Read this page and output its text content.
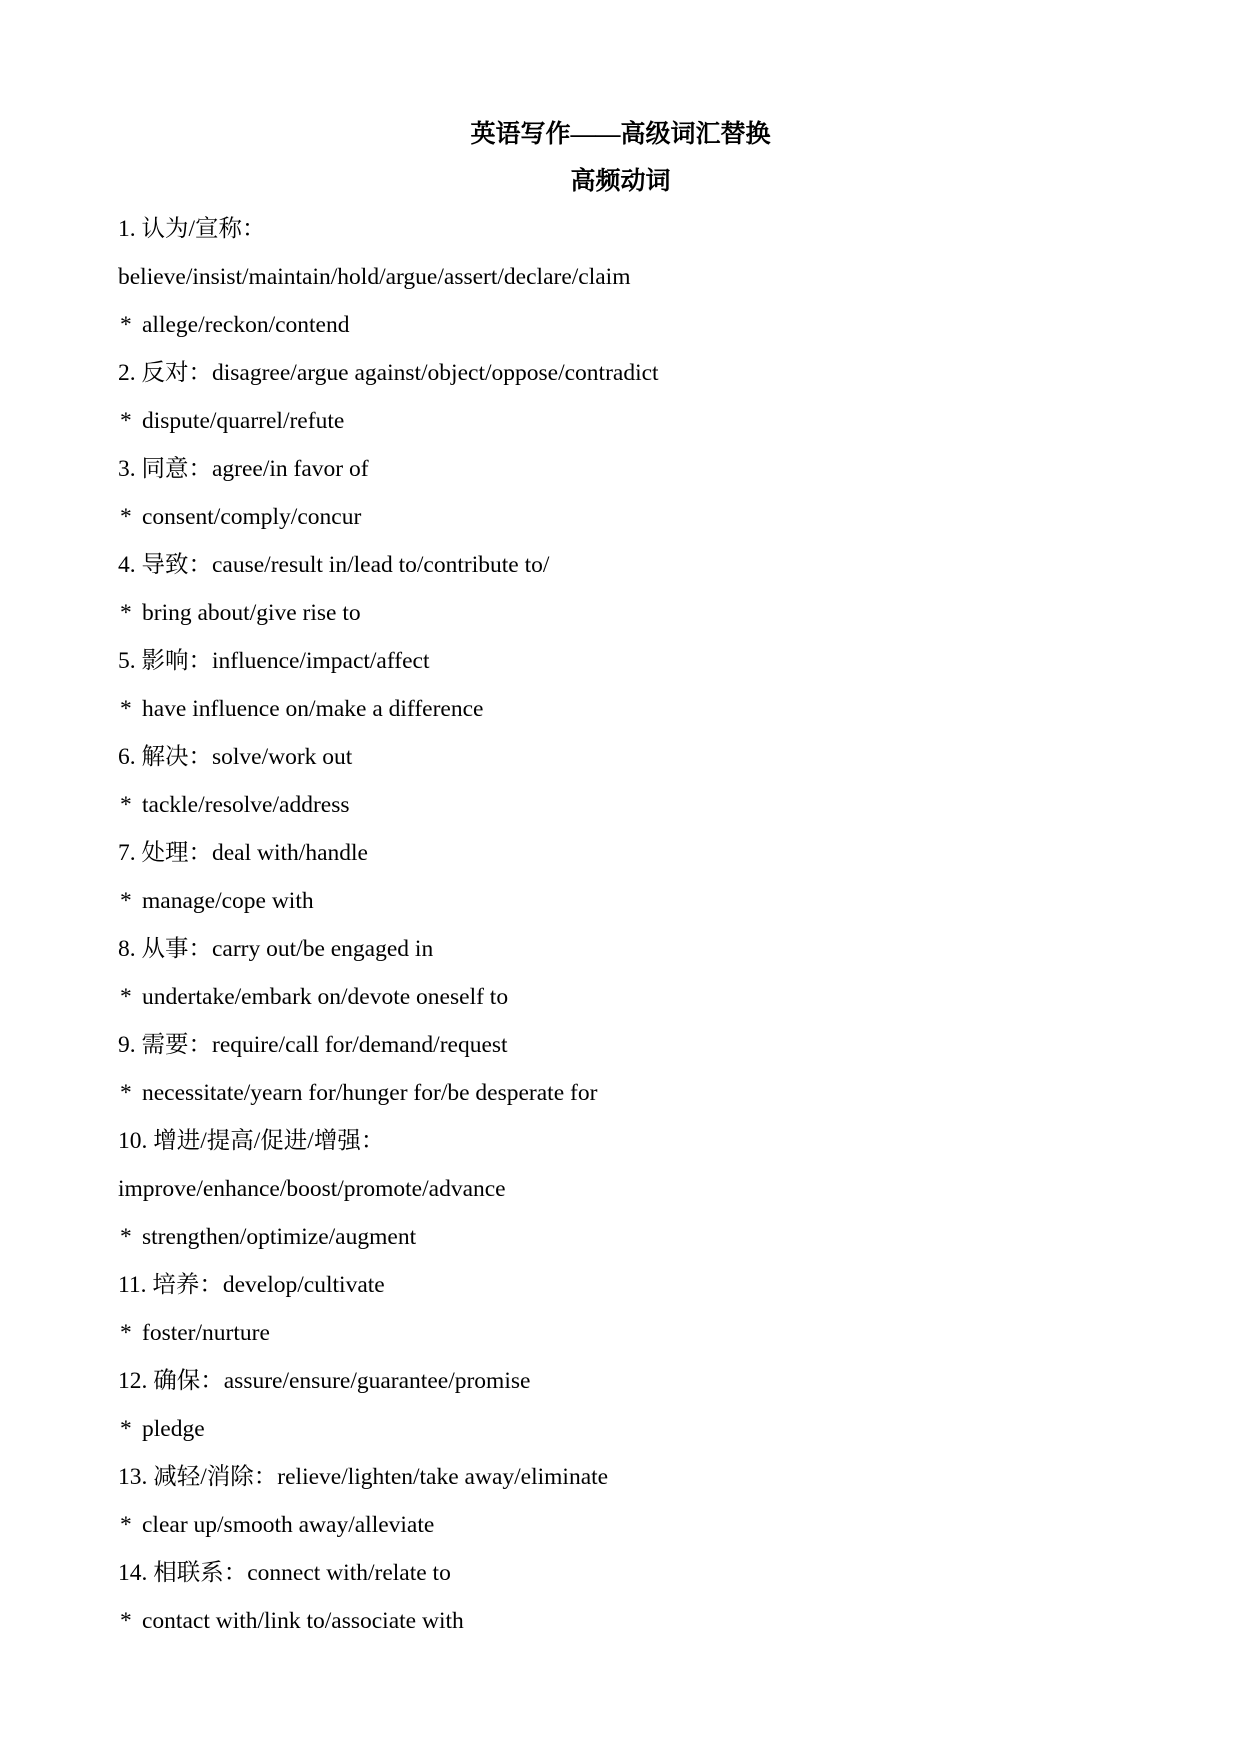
英语写作——高级词汇替换
高频动词
1. 认为/宣称：
believe/insist/maintain/hold/argue/assert/declare/claim
* allege/reckon/contend
2. 反对：disagree/argue against/object/oppose/contradict
* dispute/quarrel/refute
3. 同意：agree/in favor of
* consent/comply/concur
4. 导致：cause/result in/lead to/contribute to/
* bring about/give rise to
5. 影响：influence/impact/affect
* have influence on/make a difference
6. 解决：solve/work out
* tackle/resolve/address
7. 处理：deal with/handle
* manage/cope with
8. 从事：carry out/be engaged in
* undertake/embark on/devote oneself to
9. 需要：require/call for/demand/request
* necessitate/yearn for/hunger for/be desperate for
10. 增进/提高/促进/增强：
improve/enhance/boost/promote/advance
* strengthen/optimize/augment
11. 培养：develop/cultivate
* foster/nurture
12. 确保：assure/ensure/guarantee/promise
* pledge
13. 减轻/消除：relieve/lighten/take away/eliminate
* clear up/smooth away/alleviate
14. 相联系：connect with/relate to
* contact with/link to/associate with
